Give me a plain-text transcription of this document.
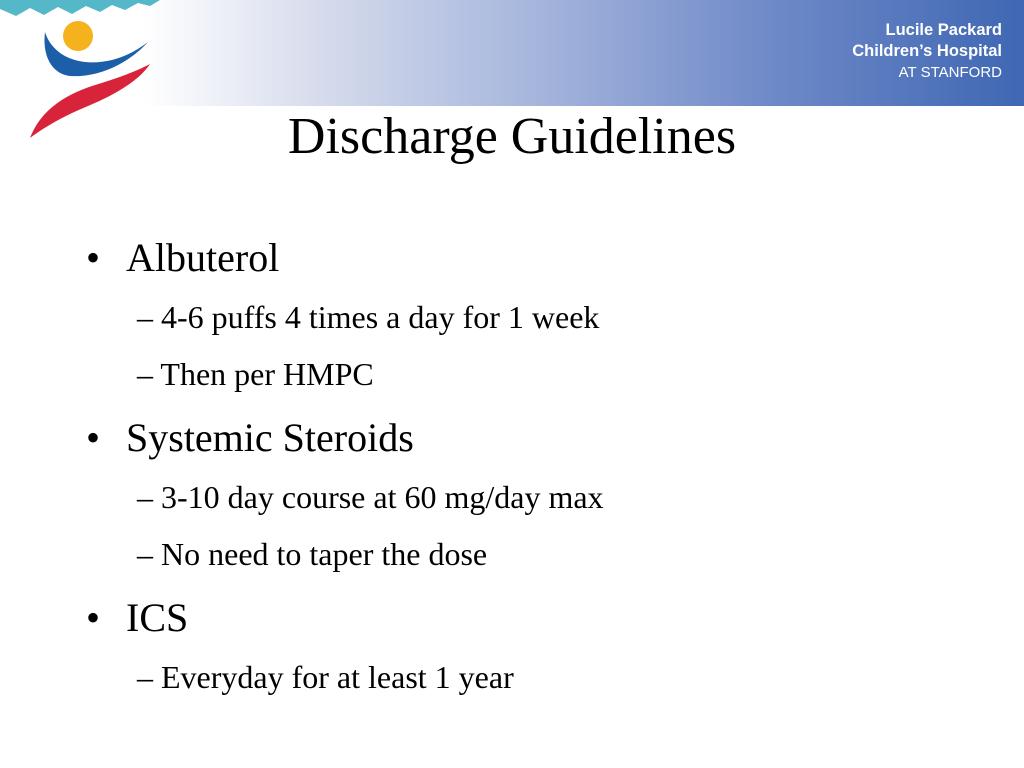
Lucile Packard
Children’s Hospital
AT STANFORD
Discharge Guidelines
• Albuterol
– 4-6 puffs 4 times a day for 1 week
– Then per HMPC
• Systemic Steroids
– 3-10 day course at 60 mg/day max
– No need to taper the dose
• ICS
– Everyday for at least 1 year
